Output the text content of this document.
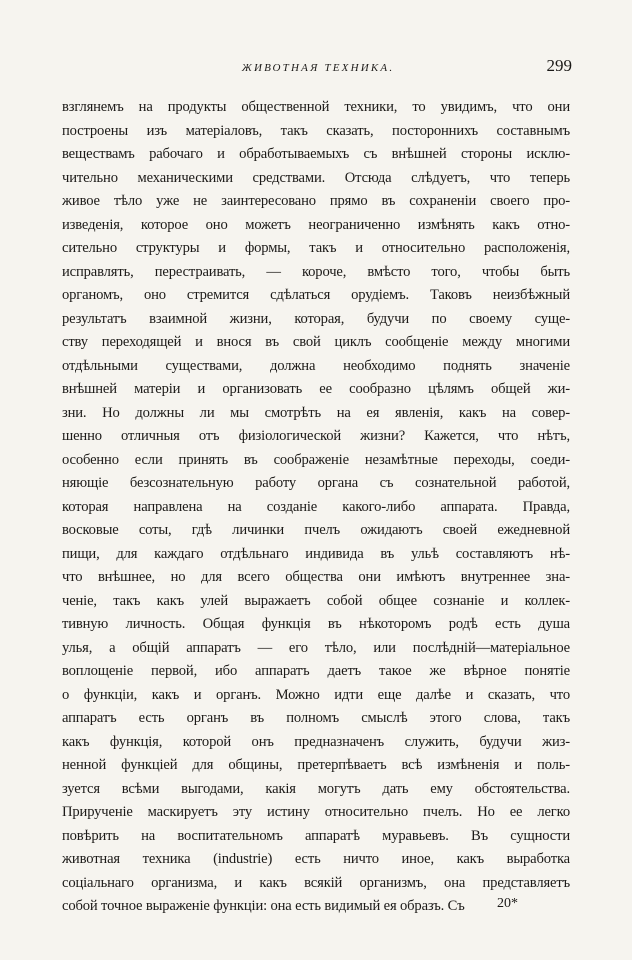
ЖИВОТНАЯ ТЕХНИКА.	299
взглянемъ на продукты общественной техники, то увидимъ, что они
построены изъ матеріаловъ, такъ сказать, постороннихъ составнымъ
веществамъ рабочаго и обработываемыхъ съ внѣшней стороны исклю-
чительно механическими средствами. Отсюда слѣдуетъ, что теперь
живое тѣло уже не заинтересовано прямо въ сохраненіи своего про-
изведенія, которое оно можетъ неограниченно измѣнять какъ отно-
сительно структуры и формы, такъ и относительно расположенія,
исправлять, перестраивать, — короче, вмѣсто того, чтобы быть
органомъ, оно стремится сдѣлаться орудіемъ. Таковъ неизбѣжный
результатъ взаимной жизни, которая, будучи по своему суще-
ству переходящей и внося въ свой циклъ сообщеніе между многими
отдѣльными существами, должна необходимо поднять значеніе
внѣшней матеріи и организовать ее сообразно цѣлямъ общей жи-
зни. Но должны ли мы смотрѣть на ея явленія, какъ на совер-
шенно отличныя отъ физіологической жизни? Кажется, что нѣтъ,
особенно если принять въ соображеніе незамѣтные переходы, соеди-
няющіе безсознательную работу органа съ сознательной работой,
которая направлена на созданіе какого-либо аппарата. Правда,
восковые соты, гдѣ личинки пчелъ ожидаютъ своей ежедневной
пищи, для каждаго отдѣльнаго индивида въ ульѣ составляютъ нѣ-
что внѣшнее, но для всего общества они имѣютъ внутреннее зна-
ченіе, такъ какъ улей выражаетъ собой общее сознаніе и коллек-
тивную личность. Общая функція въ нѣкоторомъ родѣ есть душа
улья, а общій аппаратъ — его тѣло, или послѣдній—матеріальное
воплощеніе первой, ибо аппаратъ даетъ такое же вѣрное понятіе
о функціи, какъ и органъ. Можно идти еще далѣе и сказать, что
аппаратъ есть органъ въ полномъ смыслѣ этого слова, такъ
какъ функція, которой онъ предназначенъ служить, будучи жиз-
ненной функціей для общины, претерпѣваетъ всѣ измѣненія и поль-
зуется всѣми выгодами, какія могутъ дать ему обстоятельства.
Прирученіе маскируетъ эту истину относительно пчелъ. Но ее легко
повѣрить на воспитательномъ аппаратѣ муравьевъ. Въ сущности
животная техника (industrie) есть ничто иное, какъ выработка
соціальнаго организма, и какъ всякій организмъ, она представляетъ
собой точное выраженіе функціи: она есть видимый ея образъ. Съ	20*
